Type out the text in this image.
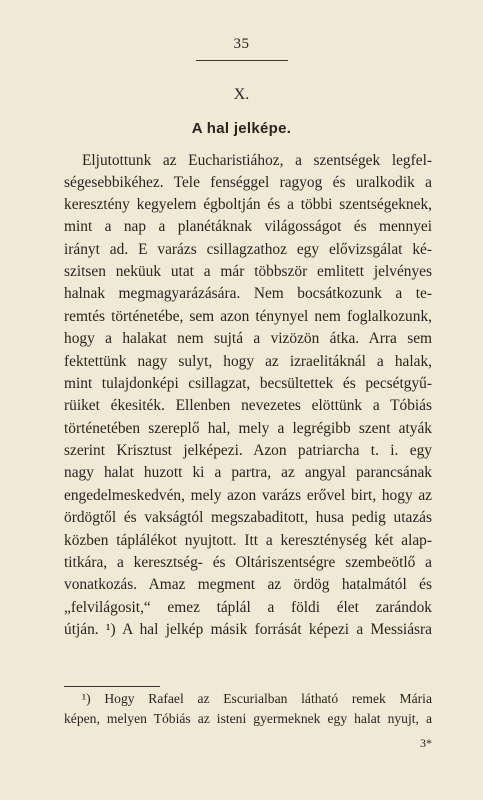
35
X.
A hal jelképe.
Eljutottunk az Eucharistiához, a szentségek legfel-
ségesebbikéhez. Tele fenséggel ragyog és uralkodik a
keresztény kegyelem égboltján és a többi szentségeknek,
mint a nap a planétáknak világosságot és mennyei
irányt ad. E varázs csillagzathoz egy elővizsgálat ké-
szitsen neküuk utat a már többször emlitett jelvényes
halnak megmagyarázására. Nem bocsátkozunk a te-
remtés történetébe, sem azon ténynyel nem foglalkozunk,
hogy a halakat nem sujtá a vizözön átka. Arra sem
fektettünk nagy sulyt, hogy az izraelitáknál a halak,
mint tulajdonképi csillagzat, becsültettek és pecsétgyű-
rüiket ékesiték. Ellenben nevezetes elöttünk a Tóbiás
történetében szereplő hal, mely a legrégibb szent atyák
szerint Krisztust jelképezi. Azon patriarcha t. i. egy
nagy halat huzott ki a partra, az angyal parancsának
engedelmeskedvén, mely azon varázs erővel birt, hogy az
ördögtől és vakságtól megszabaditott, husa pedig utazás
közben táplálékot nyujtott. Itt a kereszténység két alap-
titkára, a keresztség- és Oltáriszentségre szembeötlő a
vonatkozás. Amaz megment az ördög hatalmától és
„felvilágosit,“ emez táplál a földi élet zarándok
útján. ¹) A hal jelkép másik forrását képezi a Messiásra
¹) Hogy Rafael az Escurialban látható remek Mária
képen, melyen Tóbiás az isteni gyermeknek egy halat nyujt, a
3*
